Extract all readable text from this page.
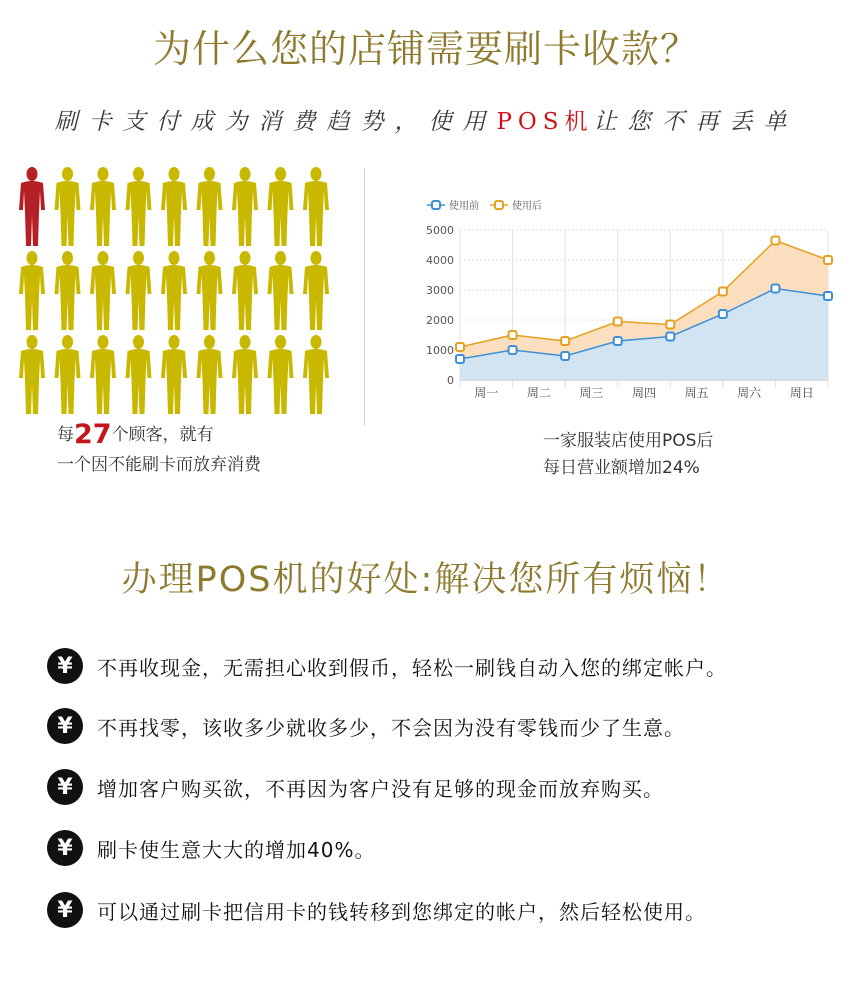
为什么您的店铺需要刷卡收款？
刷卡支付成为消费趋势，使用POS机让您不再丢单
每27个顾客，就有
一个因不能刷卡而放弃消费
0
1000
2000
3000
4000
5000
周一 周二 周三 周四 周五 周六 周日
使用前	使用后
一家服装店使用POS后
每日营业额增加24%
办理POS机的好处:解决您所有烦恼！
¥	不再收现金，无需担心收到假币，轻松一刷钱自动入您的绑定帐户。
¥	不再找零，该收多少就收多少，不会因为没有零钱而少了生意。
¥	增加客户购买欲，不再因为客户没有足够的现金而放弃购买。
¥	刷卡使生意大大的增加40%。
¥	可以通过刷卡把信用卡的钱转移到您绑定的帐户，然后轻松使用。
